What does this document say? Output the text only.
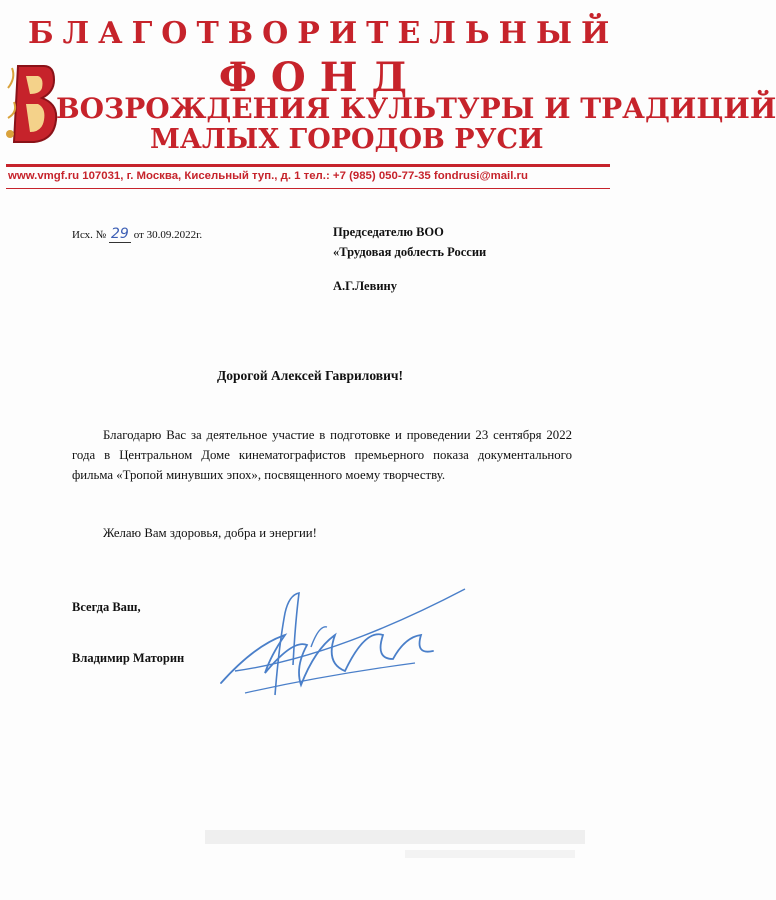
БЛАГОТВОРИТЕЛЬНЫЙ
ФОНД
ВОЗРОЖДЕНИЯ КУЛЬТУРЫ И ТРАДИЦИЙ
МАЛЫХ ГОРОДОВ РУСИ
www.vmgf.ru 107031, г. Москва, Кисельный туп., д. 1 тел.: +7 (985) 050-77-35 fondrusi@mail.ru
Исх. № 29 от 30.09.2022г.	Председателю ВОО
«Трудовая доблесть России
А.Г.Левину
Дорогой Алексей Гаврилович!
Благодарю Вас за деятельное участие в подготовке и проведении 23 сентября 2022 года в Центральном Доме кинематографистов премьерного показа документального фильма «Тропой минувших эпох», посвященного моему творчеству.
Желаю Вам здоровья, добра и энергии!
Всегда Ваш,
Владимир Маторин
